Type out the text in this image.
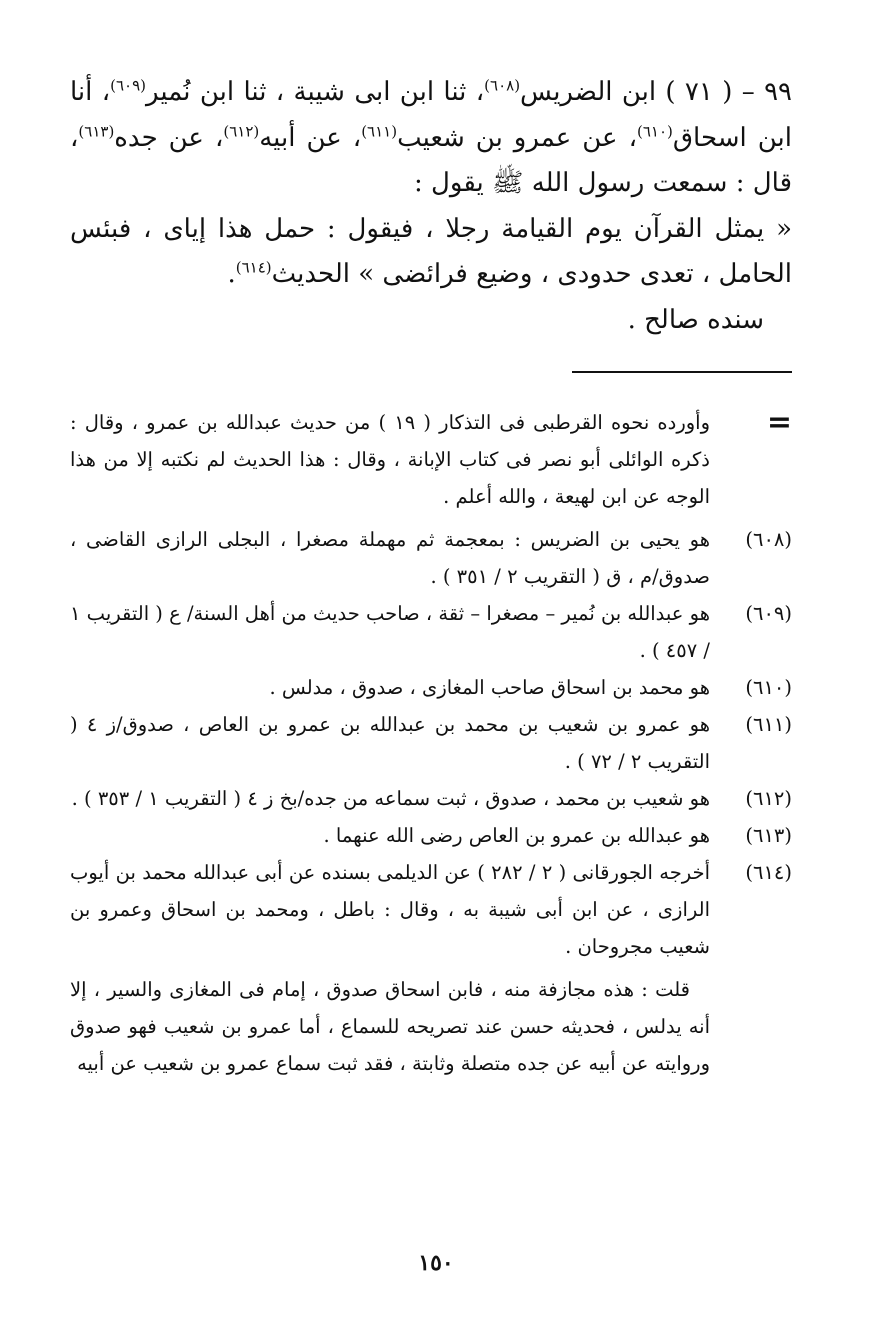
٩٩ – ( ٧١ ) ابن الضريس$^{(٦٠٨)}$، ثنا ابن ابى شيبة ، ثنا ابن نُمير$^{(٦٠٩)}$، أنا ابن اسحاق$^{(٦١٠)}$، عن عمرو بن شعيب$^{(٦١١)}$، عن أبيه$^{(٦١٢)}$، عن جده$^{(٦١٣)}$، قال : سمعت رسول الله ﷺ يقول :

« يمثل القرآن يوم القيامة رجلا ، فيقول : حمل هذا إياى ، فبئس الحامل ، تعدى حدودى ، وضيع فرائضى » الحديث$^{(٦١٤)}$.

سنده صالح .

=
وأورده نحوه القرطبى فى التذكار ( ١٩ ) من حديث عبدالله بن عمرو ، وقال : ذكره الوائلى أبو نصر فى كتاب الإبانة ، وقال : هذا الحديث لم نكتبه إلا من هذا الوجه عن ابن لهيعة ، والله أعلم .
(٦٠٨)
هو يحيى بن الضريس : بمعجمة ثم مهملة مصغرا ، البجلى الرازى القاضى ، صدوق/م ، ق ( التقريب ٢ / ٣٥١ ) .
(٦٠٩)
هو عبدالله بن نُمير – مصغرا – ثقة ، صاحب حديث من أهل السنة/ ع ( التقريب ١ / ٤٥٧ ) .
(٦١٠)
هو محمد بن اسحاق صاحب المغازى ، صدوق ، مدلس .
(٦١١)
هو عمرو بن شعيب بن محمد بن عبدالله بن عمرو بن العاص ، صدوق/ز ٤ ( التقريب ٢ / ٧٢ ) .
(٦١٢)
هو شعيب بن محمد ، صدوق ، ثبت سماعه من جده/بخ ز ٤ ( التقريب ١ / ٣٥٣ ) .
(٦١٣)
هو عبدالله بن عمرو بن العاص رضى الله عنهما .
(٦١٤)
أخرجه الجورقانى ( ٢ / ٢٨٢ ) عن الديلمى بسنده عن أبى عبدالله محمد بن أيوب الرازى ، عن ابن أبى شيبة به ، وقال : باطل ، ومحمد بن اسحاق وعمرو بن شعيب مجروحان .

قلت : هذه مجازفة منه ، فابن اسحاق صدوق ، إمام فى المغازى والسير ، إلا أنه يدلس ، فحديثه حسن عند تصريحه للسماع ، أما عمرو بن شعيب فهو صدوق وروايته عن أبيه عن جده متصلة وثابتة ، فقد ثبت سماع عمرو بن شعيب عن أبيه

١٥٠
